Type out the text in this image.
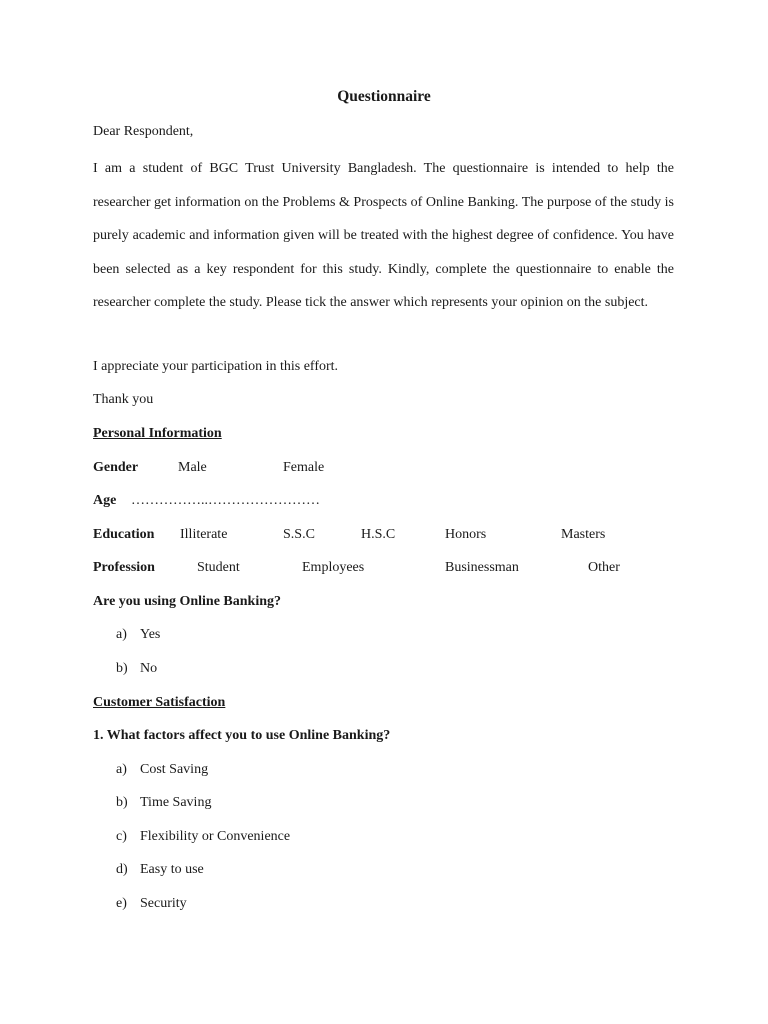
Questionnaire

Dear Respondent,

I am a student of BGC Trust University Bangladesh. The questionnaire is intended to help the researcher get information on the Problems & Prospects of Online Banking. The purpose of the study is purely academic and information given will be treated with the highest degree of confidence. You have been selected as a key respondent for this study. Kindly, complete the questionnaire to enable the researcher complete the study. Please tick the answer which represents your opinion on the subject.

I appreciate your participation in this effort.

Thank you

Personal Information

Gender	Male	Female

Age ……………..……………………

Education Illiterate	S.S.C	H.S.C	Honors	Masters

Profession	Student	Employees	Businessman	Other

Are you using Online Banking?

a) Yes

b) No

Customer Satisfaction

1. What factors affect you to use Online Banking?

a) Cost Saving

b) Time Saving

c) Flexibility or Convenience

d) Easy to use

e) Security
